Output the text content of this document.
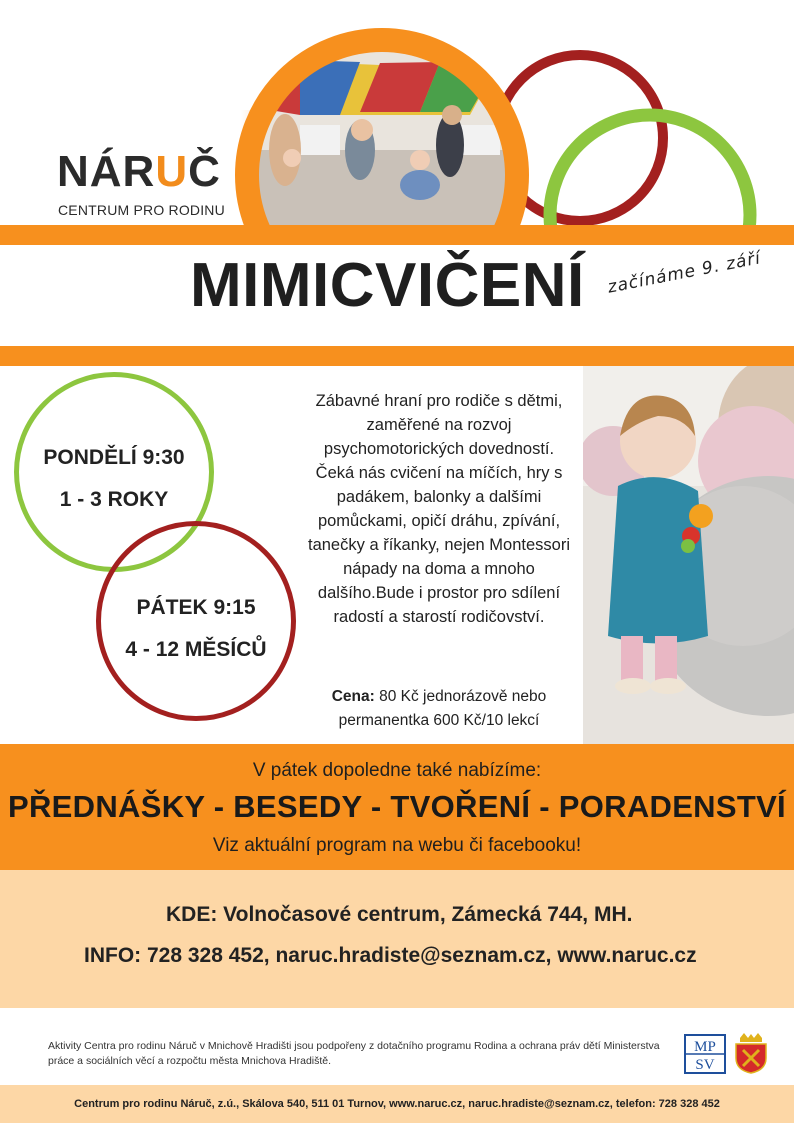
NÁRUČ
CENTRUM PRO RODINU
MIMICVIČENÍ začínáme 9. září
PONDĚLÍ 9:30
1 - 3 ROKY
PÁTEK 9:15
4 - 12 MĚSÍCŮ
Zábavné hraní pro rodiče s dětmi, zaměřené na rozvoj psychomotorických dovedností. Čeká nás cvičení na míčích, hry s padákem, balonky a dalšími pomůckami, opičí dráhu, zpívání, tanečky a říkanky, nejen Montessori nápady na doma a mnoho dalšího.Bude i prostor pro sdílení radostí a starostí rodičovství.
Cena: 80 Kč jednorázově nebo permanentka 600 Kč/10 lekcí
V pátek dopoledne také nabízíme:
PŘEDNÁŠKY - BESEDY - TVOŘENÍ - PORADENSTVÍ
Viz aktuální program na webu či facebooku!
KDE: Volnočasové centrum, Zámecká 744, MH.
INFO: 728 328 452, naruc.hradiste@seznam.cz, www.naruc.cz
Aktivity Centra pro rodinu Náruč v Mnichově Hradišti jsou podpořeny z dotačního programu Rodina a ochrana práv dětí Ministerstva práce a sociálních věcí a rozpočtu města Mnichova Hradiště.
MP
SV
Centrum pro rodinu Náruč, z.ú., Skálova 540, 511 01 Turnov, www.naruc.cz, naruc.hradiste@seznam.cz, telefon: 728 328 452
